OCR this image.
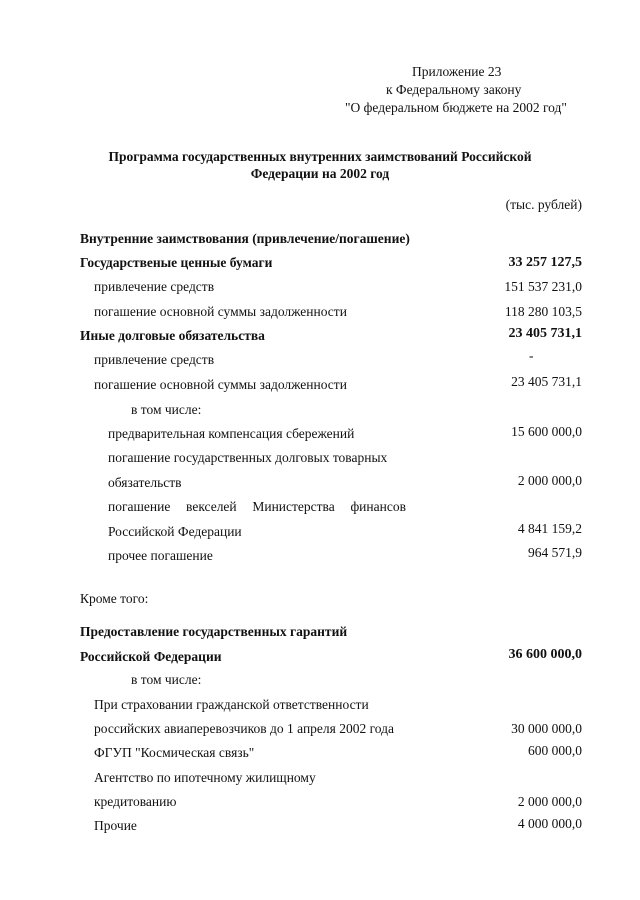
Приложение 23
к Федеральному закону
"О федеральном бюджете на 2002 год"
Программа государственных внутренних заимствований Российской
Федерации на 2002 год
(тыс. рублей)
Внутренние заимствования (привлечение/погашение)
Государственые ценные бумаги	33 257 127,5
привлечение средств	151 537 231,0
погашение основной суммы задолженности	118 280 103,5
Иные долговые обязательства	23 405 731,1
привлечение средств	-
погашение основной суммы задолженности	23 405 731,1
в том числе:
предварительная компенсация сбережений	15 600 000,0
погашение государственных долговых товарных
обязательств	2 000 000,0
погашение векселей Министерства финансов
Российской Федерации	4 841 159,2
прочее погашение	964 571,9
Кроме того:
Предоставление государственных гарантий
Российской Федерации	36 600 000,0
в том числе:
При страховании гражданской ответственности
российских авиаперевозчиков до 1 апреля 2002 года	30 000 000,0
ФГУП "Космическая связь"	600 000,0
Агентство по ипотечному жилищному
кредитованию	2 000 000,0
Прочие	4 000 000,0
